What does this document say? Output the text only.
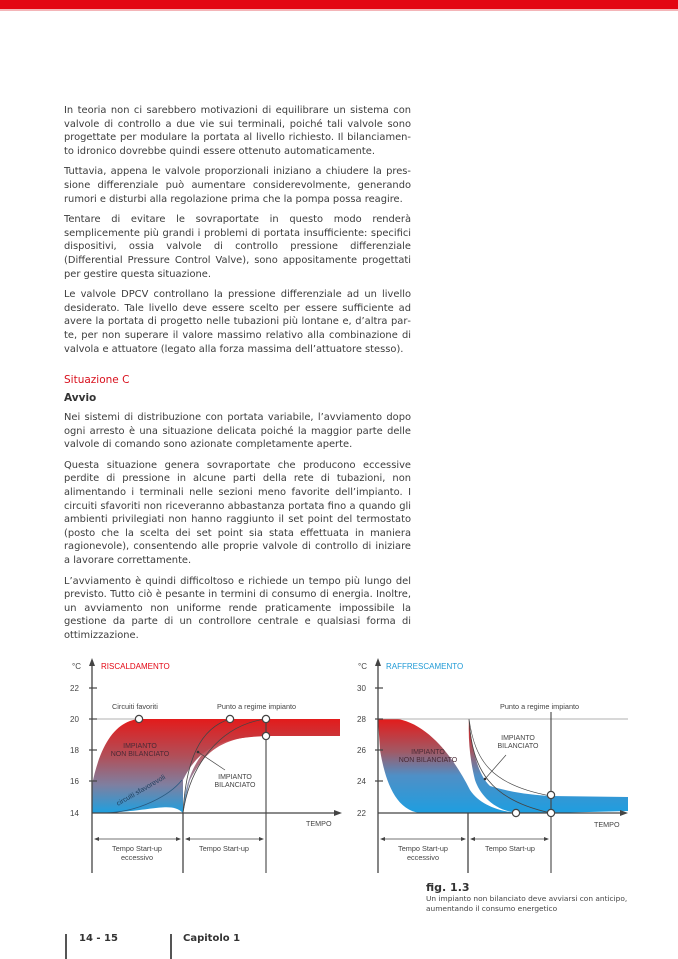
In teoria non ci sarebbero motivazioni di equilibrare un sistema con valvole di controllo a due vie sui terminali, poiché tali valvole sono progettate per modulare la portata al livello richiesto. Il bilanciamento idronico dovrebbe quindi essere ottenuto automaticamente.

Tuttavia, appena le valvole proporzionali iniziano a chiudere la pressione differenziale può aumentare considerevolmente, generando rumori e disturbi alla regolazione prima che la pompa possa reagire.

Tentare di evitare le sovraportate in questo modo renderà semplicemente più grandi i problemi di portata insufficiente: specifici dispositivi, ossia valvole di controllo pressione differenziale (Differential Pressure Control Valve), sono appositamente progettati per gestire questa situazione.

Le valvole DPCV controllano la pressione differenziale ad un livello desiderato. Tale livello deve essere scelto per essere sufficiente ad avere la portata di progetto nelle tubazioni più lontane e, d’altra parte, per non superare il valore massimo relativo alla combinazione di valvola e attuatore (legato alla forza massima dell’attuatore stesso).

Situazione C
Avvio

Nei sistemi di distribuzione con portata variabile, l’avviamento dopo ogni arresto è una situazione delicata poiché la maggior parte delle valvole di comando sono azionate completamente aperte.

Questa situazione genera sovraportate che producono eccessive perdite di pressione in alcune parti della rete di tubazioni, non alimentando i terminali nelle sezioni meno favorite dell’impianto. I circuiti sfavoriti non riceveranno abbastanza portata fino a quando gli ambienti privilegiati non hanno raggiunto il set point del termostato (posto che la scelta dei set point sia stata effettuata in maniera ragionevole), consentendo alle proprie valvole di controllo di iniziare a lavorare correttamente.

L’avviamento è quindi difficoltoso e richiede un tempo più lungo del previsto. Tutto ciò è pesante in termini di consumo di energia. Inoltre, un avviamento non uniforme rende praticamente impossibile la gestione da parte di un controllore centrale e qualsiasi forma di ottimizzazione.

°C	RISCALDAMENTO
22
20
18
16
14
Circuiti favoriti	Punto a regime impianto
IMPIANTO
NON BILANCIATO
IMPIANTO
BILANCIATO
circuiti sfavorevoli
TEMPO
Tempo Start-up
eccessivo
Tempo Start-up
°C RAFFRESCAMENTO
30
28
26
24
22
Punto a regime impianto
IMPIANTO
NON BILANCIATO
IMPIANTO
BILANCIATO
TEMPO
Tempo Start-up
eccessivo
Tempo Start-up
fig. 1.3
Un impianto non bilanciato deve avviarsi con anticipo,
aumentando il consumo energetico
14 - 15	Capitolo 1
